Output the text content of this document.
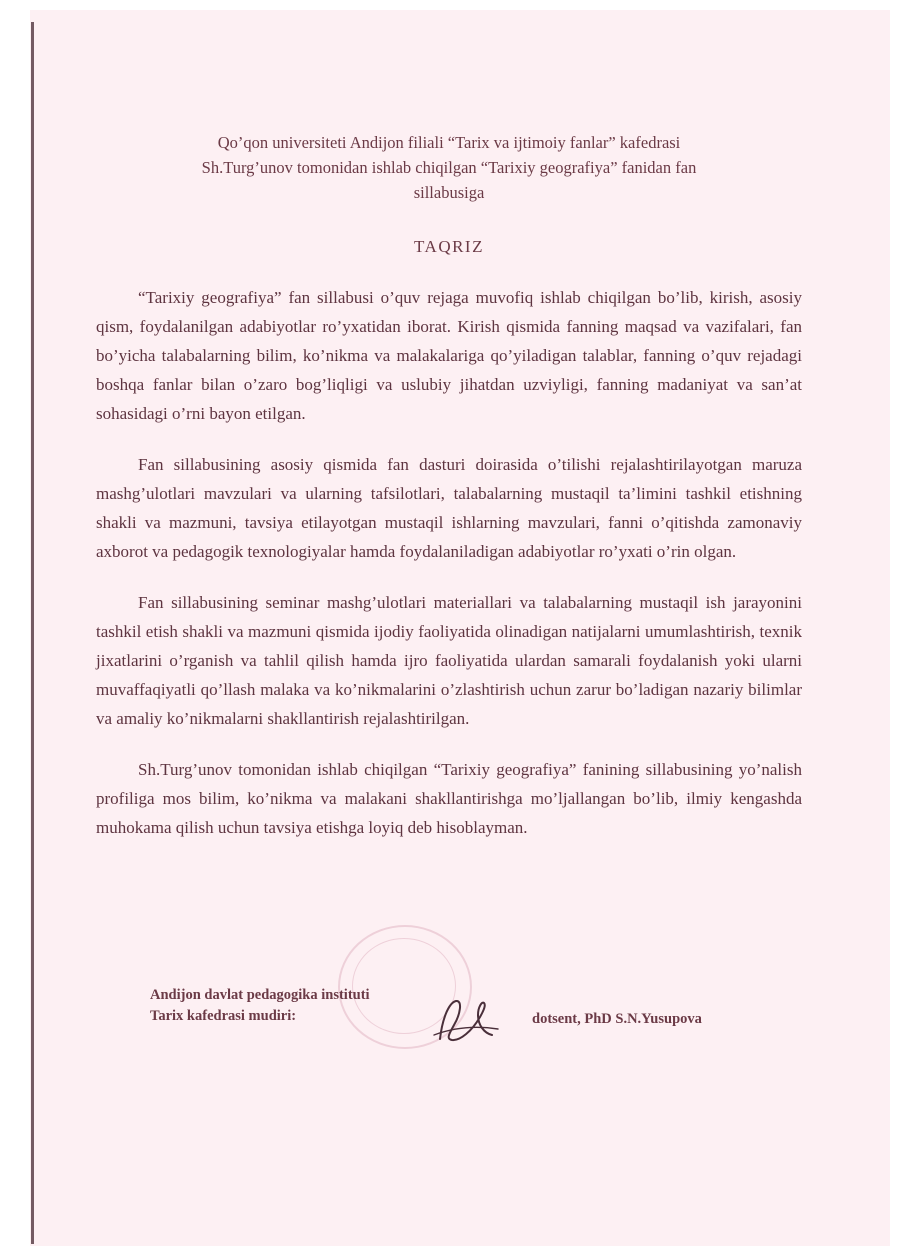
Qo’qon universiteti Andijon filiali “Tarix va ijtimoiy fanlar” kafedrasi
Sh.Turg’unov tomonidan ishlab chiqilgan “Tarixiy geografiya” fanidan fan
sillabusiga
TAQRIZ

“Tarixiy geografiya” fan sillabusi o’quv rejaga muvofiq ishlab chiqilgan bo’lib, kirish, asosiy qism, foydalanilgan adabiyotlar ro’yxatidan iborat. Kirish qismida fanning maqsad va vazifalari, fan bo’yicha talabalarning bilim, ko’nikma va malakalariga qo’yiladigan talablar, fanning o’quv rejadagi boshqa fanlar bilan o’zaro bog’liqligi va uslubiy jihatdan uzviyligi, fanning madaniyat va san’at sohasidagi o’rni bayon etilgan.

Fan sillabusining asosiy qismida fan dasturi doirasida o’tilishi rejalashtirilayotgan maruza mashg’ulotlari mavzulari va ularning tafsilotlari, talabalarning mustaqil ta’limini tashkil etishning shakli va mazmuni, tavsiya etilayotgan mustaqil ishlarning mavzulari, fanni o’qitishda zamonaviy axborot va pedagogik texnologiyalar hamda foydalaniladigan adabiyotlar ro’yxati o’rin olgan.

Fan sillabusining seminar mashg’ulotlari materiallari va talabalarning mustaqil ish jarayonini tashkil etish shakli va mazmuni qismida ijodiy faoliyatida olinadigan natijalarni umumlashtirish, texnik jixatlarini o’rganish va tahlil qilish hamda ijro faoliyatida ulardan samarali foydalanish yoki ularni muvaffaqiyatli qo’llash malaka va ko’nikmalarini o’zlashtirish uchun zarur bo’ladigan nazariy bilimlar va amaliy ko’nikmalarni shakllantirish rejalashtirilgan.

Sh.Turg’unov tomonidan ishlab chiqilgan “Tarixiy geografiya” fanining sillabusining yo’nalish profiliga mos bilim, ko’nikma va malakani shakllantirishga mo’ljallangan bo’lib, ilmiy kengashda muhokama qilish uchun tavsiya etishga loyiq deb hisoblayman.

Andijon davlat pedagogika instituti
Tarix kafedrasi mudiri:	dotsent, PhD S.N.Yusupova
